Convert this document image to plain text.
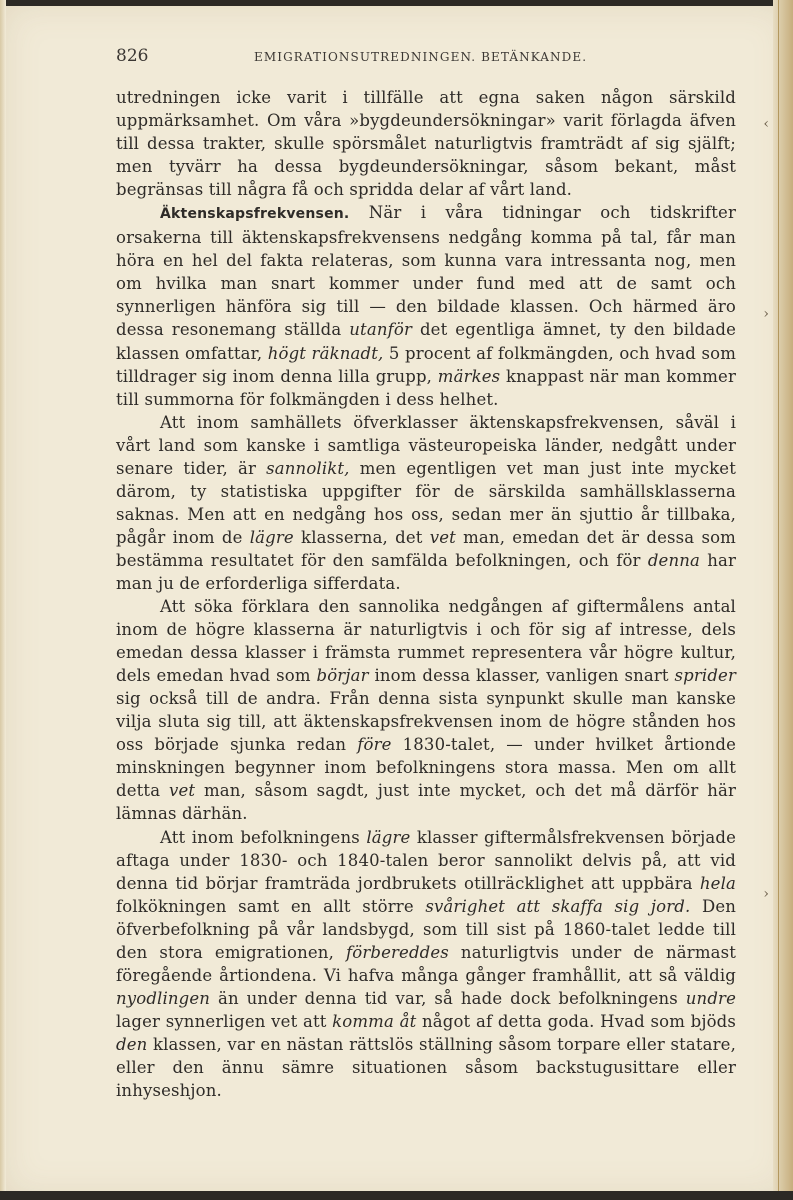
‹
›
›
826	EMIGRATIONSUTREDNINGEN. BETÄNKANDE.

utredningen icke varit i tillfälle att egna saken någon särskild uppmärksamhet. Om våra »bygdeundersökningar» varit förlagda äfven till dessa trakter, skulle spörsmålet naturligtvis framträdt af sig själft; men tyvärr ha dessa bygdeundersökningar, såsom bekant, måst begränsas till några få och spridda delar af vårt land.

Äktenskapsfrekvensen. När i våra tidningar och tidskrifter orsakerna till äktenskapsfrekvensens nedgång komma på tal, får man höra en hel del fakta relateras, som kunna vara intressanta nog, men om hvilka man snart kommer under fund med att de samt och synnerligen hänföra sig till — den bildade klassen. Och härmed äro dessa resonemang ställda utanför det egentliga ämnet, ty den bildade klassen omfattar, högt räknadt, 5 procent af folkmängden, och hvad som tilldrager sig inom denna lilla grupp, märkes knappast när man kommer till summorna för folkmängden i dess helhet.

Att inom samhällets öfverklasser äktenskapsfrekvensen, såväl i vårt land som kanske i samtliga västeuropeiska länder, nedgått under senare tider, är sannolikt, men egentligen vet man just inte mycket därom, ty statistiska uppgifter för de särskilda samhällsklasserna saknas. Men att en nedgång hos oss, sedan mer än sjuttio år tillbaka, pågår inom de lägre klasserna, det vet man, emedan det är dessa som bestämma resultatet för den samfälda befolkningen, och för denna har man ju de erforderliga sifferdata.

Att söka förklara den sannolika nedgången af giftermålens antal inom de högre klasserna är naturligtvis i och för sig af intresse, dels emedan dessa klasser i främsta rummet representera vår högre kultur, dels emedan hvad som börjar inom dessa klasser, vanligen snart sprider sig också till de andra. Från denna sista synpunkt skulle man kanske vilja sluta sig till, att äktenskapsfrekvensen inom de högre stånden hos oss började sjunka redan före 1830-talet, — under hvilket årtionde minskningen begynner inom befolkningens stora massa. Men om allt detta vet man, såsom sagdt, just inte mycket, och det må därför här lämnas därhän.

Att inom befolkningens lägre klasser giftermålsfrekvensen började aftaga under 1830- och 1840-talen beror sannolikt delvis på, att vid denna tid börjar framträda jordbrukets otillräcklighet att uppbära hela folkökningen samt en allt större svårighet att skaffa sig jord. Den öfverbefolkning på vår landsbygd, som till sist på 1860-talet ledde till den stora emigrationen, förbereddes naturligtvis under de närmast föregående årtiondena. Vi hafva många gånger framhållit, att så väldig nyodlingen än under denna tid var, så hade dock befolkningens undre lager synnerligen vet att komma åt något af detta goda. Hvad som bjöds den klassen, var en nästan rättslös ställning såsom torpare eller statare, eller den ännu sämre situationen såsom backstugusittare eller inhyseshjon.
